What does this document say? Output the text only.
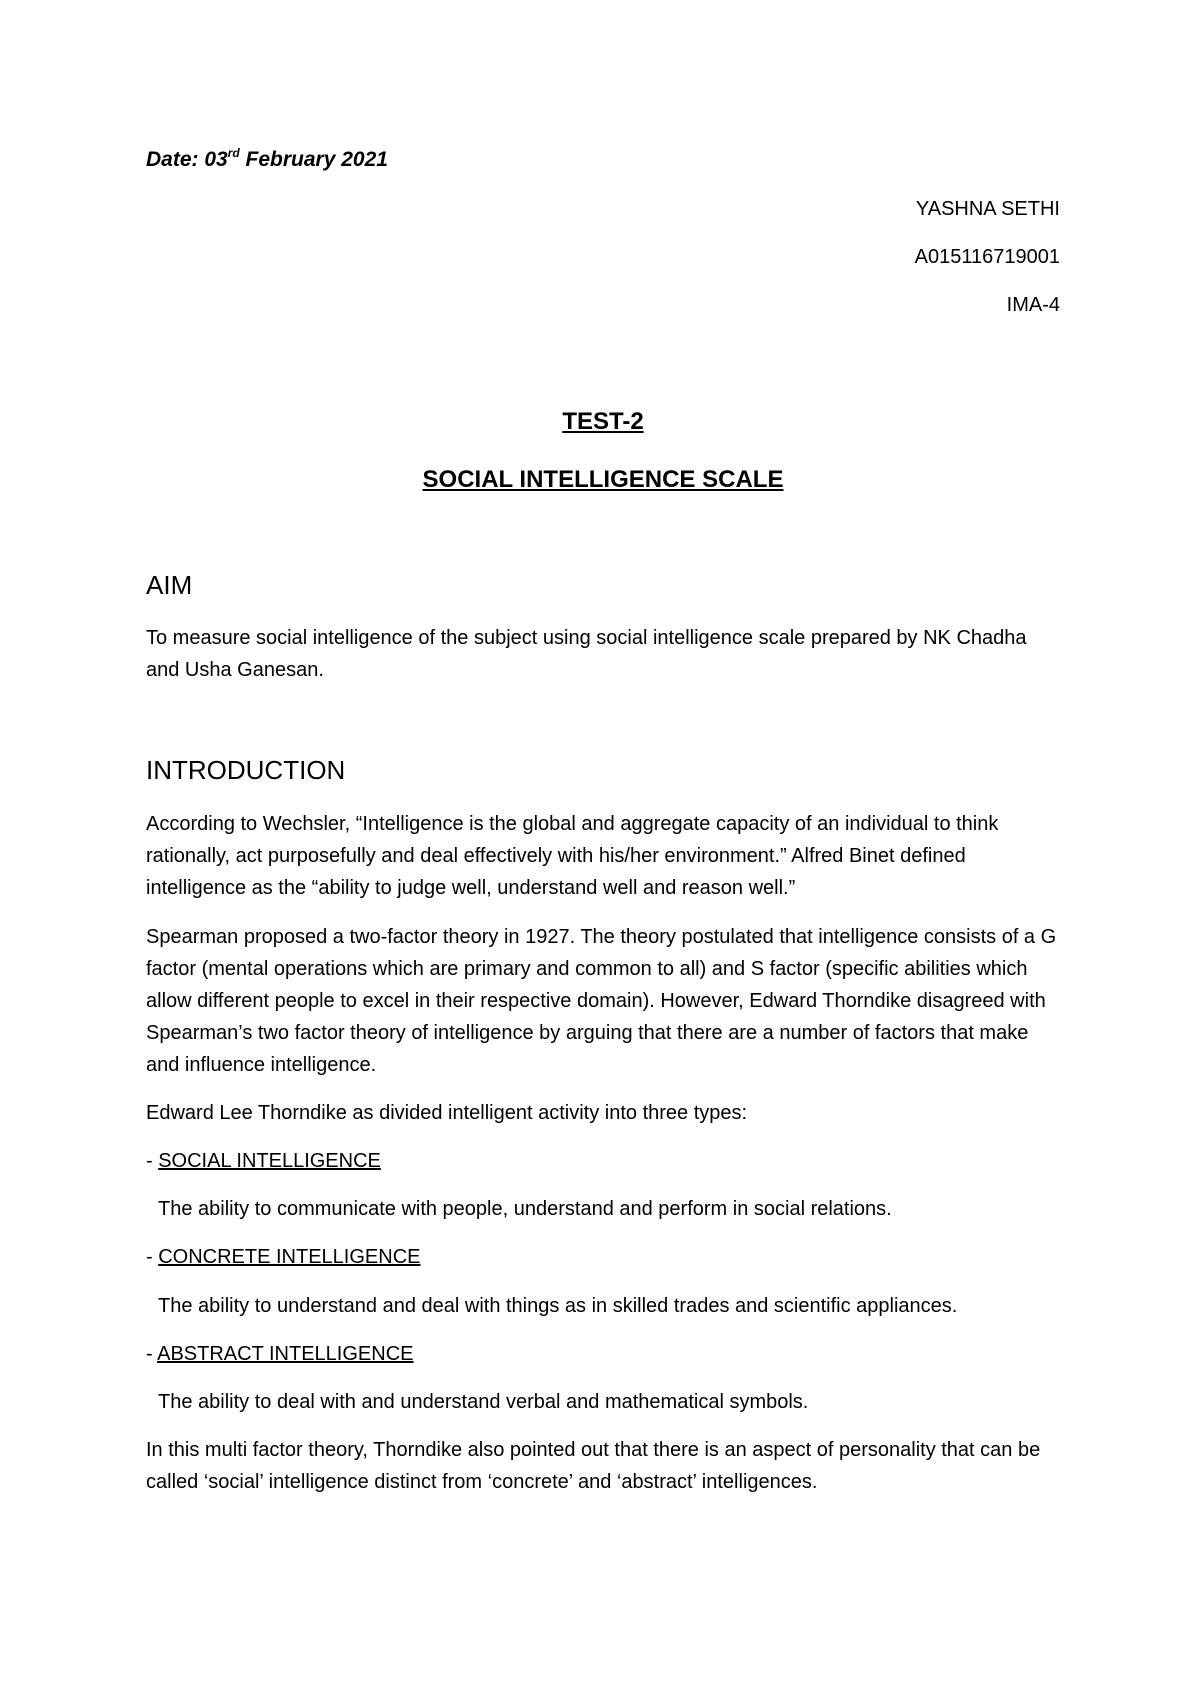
Date: 03rd February 2021
YASHNA SETHI
A015116719001
IMA-4
TEST-2
SOCIAL INTELLIGENCE SCALE
AIM
To measure social intelligence of the subject using social intelligence scale prepared by NK Chadha and Usha Ganesan.
INTRODUCTION
According to Wechsler, “Intelligence is the global and aggregate capacity of an individual to think rationally, act purposefully and deal effectively with his/her environment.” Alfred Binet defined intelligence as the “ability to judge well, understand well and reason well.”
Spearman proposed a two-factor theory in 1927. The theory postulated that intelligence consists of a G factor (mental operations which are primary and common to all) and S factor (specific abilities which allow different people to excel in their respective domain). However, Edward Thorndike disagreed with Spearman’s two factor theory of intelligence by arguing that there are a number of factors that make and influence intelligence.
Edward Lee Thorndike as divided intelligent activity into three types:
- SOCIAL INTELLIGENCE
The ability to communicate with people, understand and perform in social relations.
- CONCRETE INTELLIGENCE
The ability to understand and deal with things as in skilled trades and scientific appliances.
- ABSTRACT INTELLIGENCE
The ability to deal with and understand verbal and mathematical symbols.
In this multi factor theory, Thorndike also pointed out that there is an aspect of personality that can be called ‘social’ intelligence distinct from ‘concrete’ and ‘abstract’ intelligences.
